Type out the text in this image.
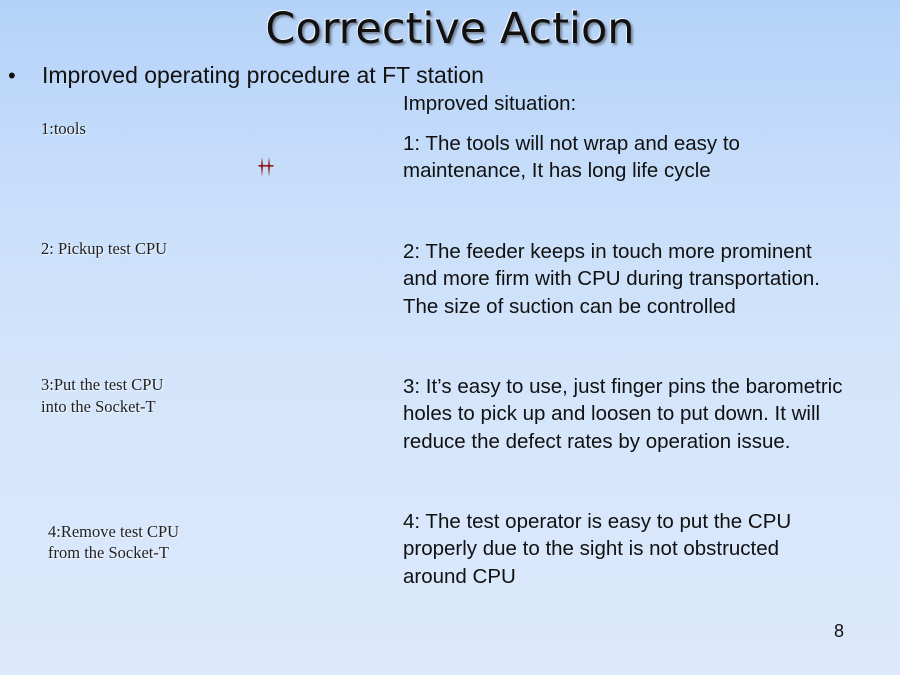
Corrective Action
•	Improved operating procedure at FT station
1:tools
2: Pickup test CPU
3:Put the test CPU
into the Socket-T
4:Remove test CPU
from the Socket-T
Improved situation:
1: The tools will not wrap and easy to
maintenance, It has long life cycle
2: The feeder keeps in touch more prominent
and more firm with CPU during transportation.
The size of suction can be controlled
3: It’s easy to use, just finger pins the barometric
holes to pick up and loosen to put down. It will
reduce the defect rates by operation issue.
4: The test operator is easy to put the CPU
properly due to the sight is not obstructed
around CPU
8
